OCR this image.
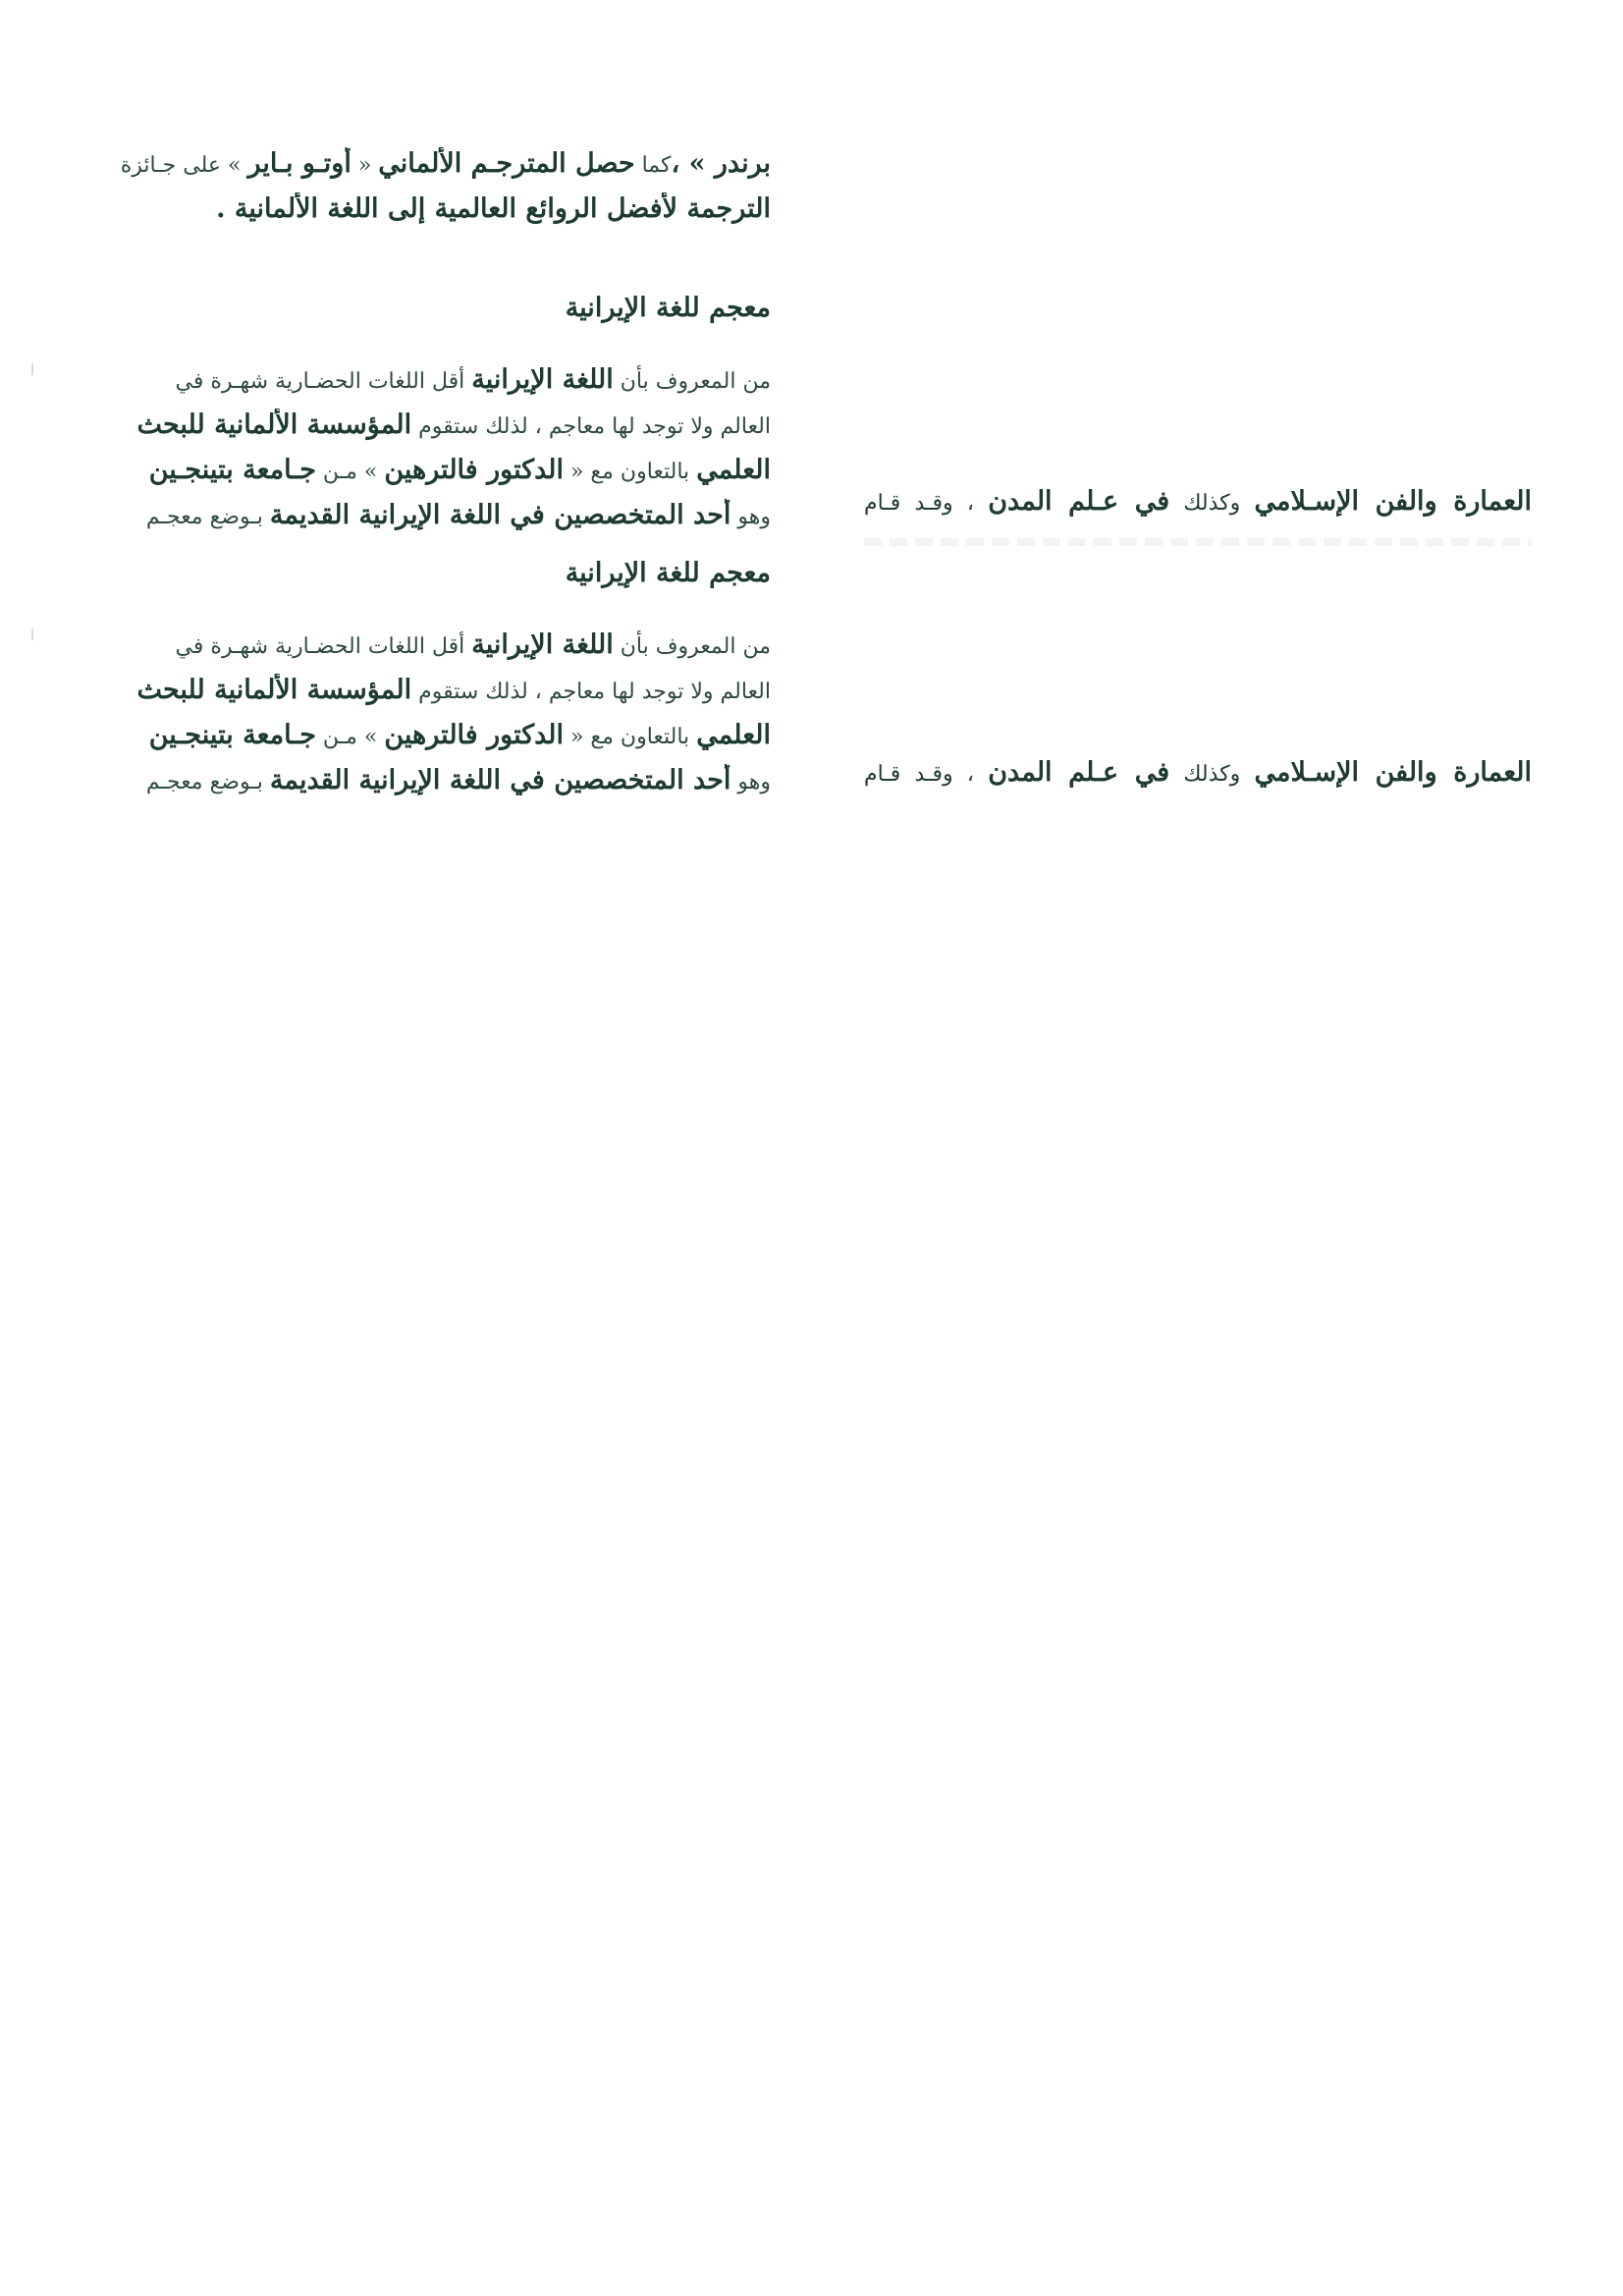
برندر » ،كما حصل المترجـم الألماني « أوتـو بـاير » على جـائزة
الترجمة لأفضل الروائع العالمية إلى اللغة الألمانية .
معجم للغة الإيرانية
من المعروف بأن اللغة الإيرانية أقل اللغات الحضـارية شهـرة في
العالم ولا توجد لها معاجم ، لذلك ستقوم المؤسسة الألمانية للبحث
العلمي بالتعاون مع « الدكتور فالترهين » مـن جـامعة بتينجـين
وهو أحد المتخصصين في اللغة الإيرانية القديمة بـوضع معجـم
معجم للغة الإيرانية
من المعروف بأن اللغة الإيرانية أقل اللغات الحضـارية شهـرة في
العالم ولا توجد لها معاجم ، لذلك ستقوم المؤسسة الألمانية للبحث
العلمي بالتعاون مع « الدكتور فالترهين » مـن جـامعة بتينجـين
وهو أحد المتخصصين في اللغة الإيرانية القديمة بـوضع معجـم
العمارة والفن الإسـلامي وكذلك في عـلم المدن ، وقـد قـام
العمارة والفن الإسـلامي وكذلك في عـلم المدن ، وقـد قـام
